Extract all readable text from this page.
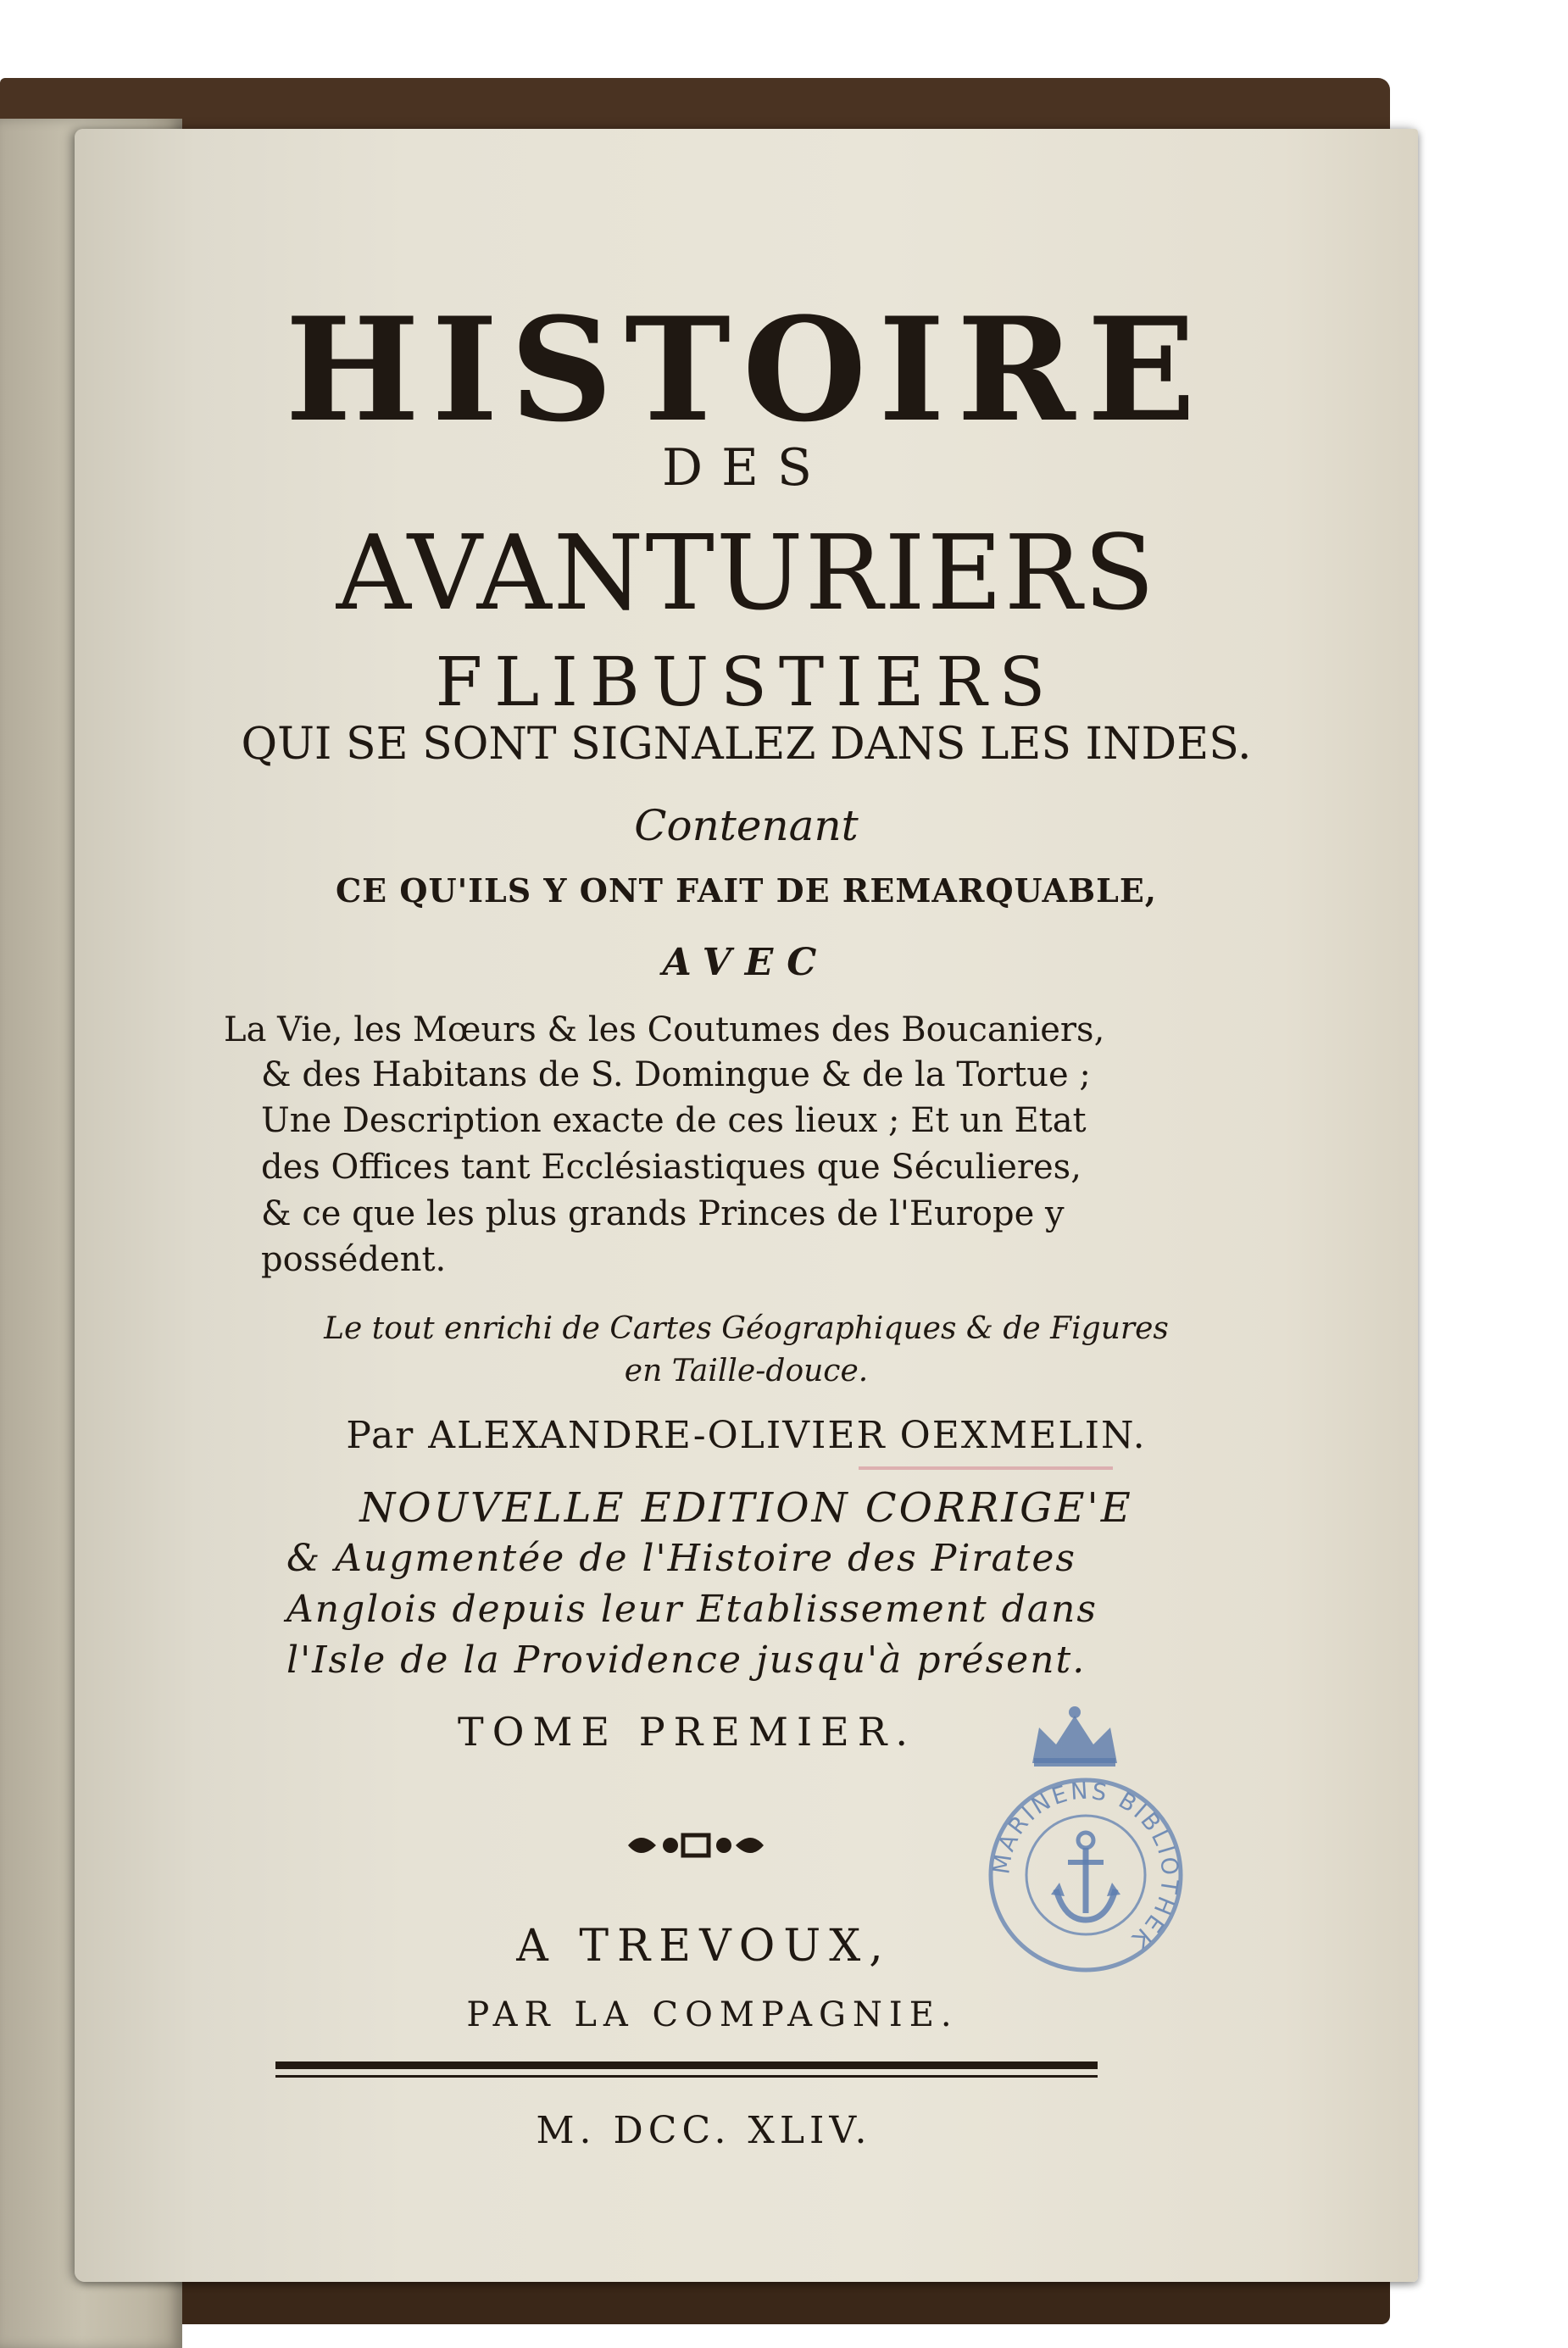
HISTOIRE

DES

AVANTURIERS

FLIBUSTIERS

QUI SE SONT SIGNALEZ DANS LES INDES.

Contenant

CE QU'ILS Y ONT FAIT DE REMARQUABLE,

AVEC

La Vie, les Mœurs & les Coutumes des Boucaniers,

& des Habitans de S. Domingue & de la Tortue ;

Une Description exacte de ces lieux ; Et un Etat

des Offices tant Ecclésiastiques que Séculieres,

& ce que les plus grands Princes de l'Europe y

possédent.

Le tout enrichi de Cartes Géographiques & de Figures

en Taille-douce.

Par ALEXANDRE-OLIVIER OEXMELIN.

NOUVELLE EDITION CORRIGE'E

& Augmentée de l'Histoire des Pirates

Anglois depuis leur Etablissement dans

l'Isle de la Providence jusqu'à présent.

TOME PREMIER.

A TREVOUX,

PAR LA COMPAGNIE.

M. DCC. XLIV.

MARINENS BIBLIOTHEK
